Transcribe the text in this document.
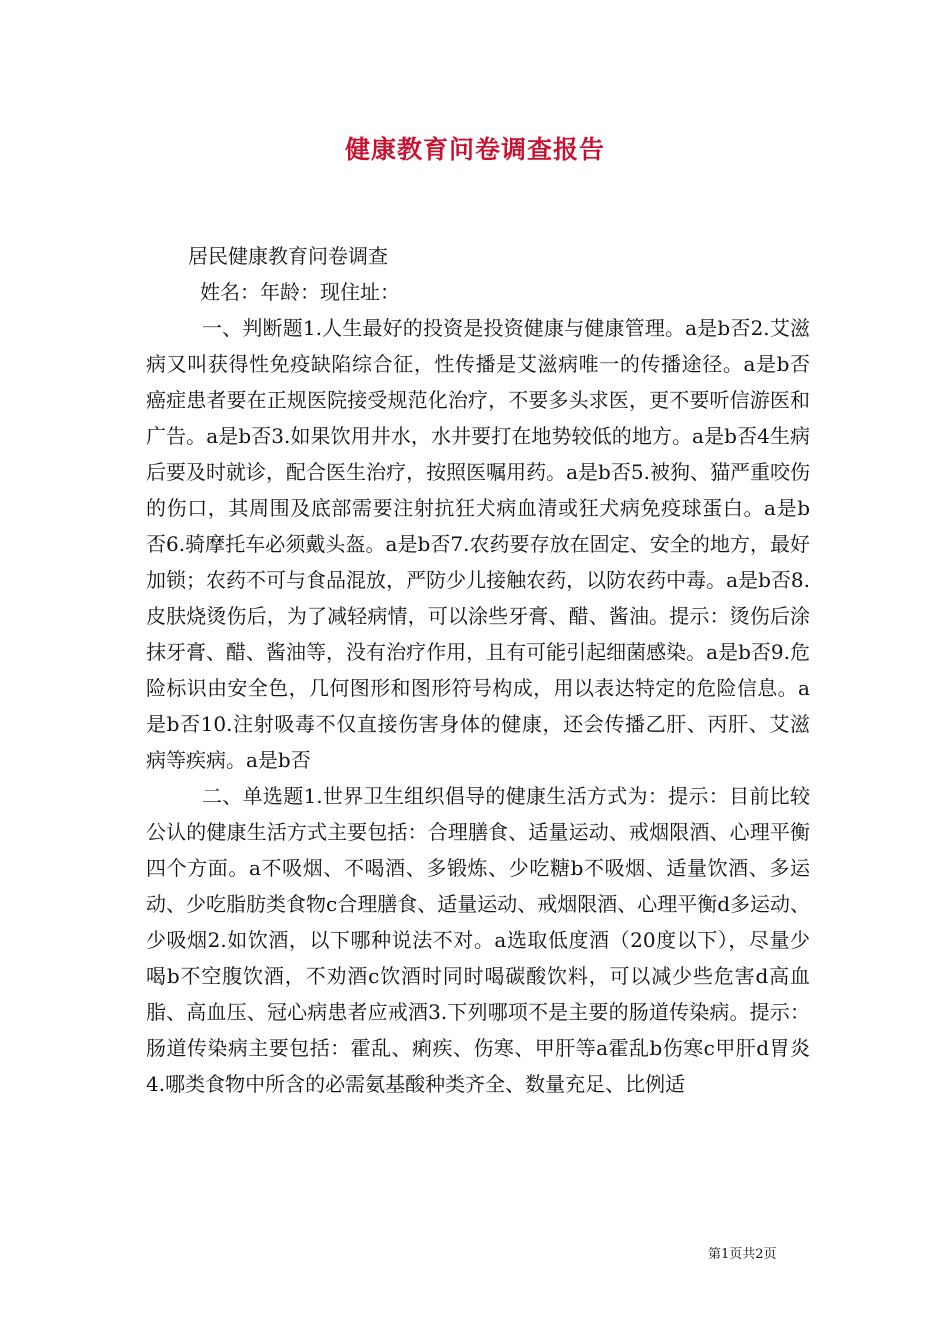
健康教育问卷调查报告

居民健康教育问卷调查

姓名：年龄：现住址：

一、判断题1.人生最好的投资是投资健康与健康管理。a是b否2.艾滋病又叫获得性免疫缺陷综合征，性传播是艾滋病唯一的传播途径。a是b否癌症患者要在正规医院接受规范化治疗，不要多头求医，更不要听信游医和广告。a是b否3.如果饮用井水，水井要打在地势较低的地方。a是b否4生病后要及时就诊，配合医生治疗，按照医嘱用药。a是b否5.被狗、猫严重咬伤的伤口，其周围及底部需要注射抗狂犬病血清或狂犬病免疫球蛋白。a是b否6.骑摩托车必须戴头盔。a是b否7.农药要存放在固定、安全的地方，最好加锁；农药不可与食品混放，严防少儿接触农药，以防农药中毒。a是b否8.皮肤烧烫伤后，为了减轻病情，可以涂些牙膏、醋、酱油。提示：烫伤后涂抹牙膏、醋、酱油等，没有治疗作用，且有可能引起细菌感染。a是b否9.危险标识由安全色，几何图形和图形符号构成，用以表达特定的危险信息。a是b否10.注射吸毒不仅直接伤害身体的健康，还会传播乙肝、丙肝、艾滋病等疾病。a是b否

二、单选题1.世界卫生组织倡导的健康生活方式为：提示：目前比较公认的健康生活方式主要包括：合理膳食、适量运动、戒烟限酒、心理平衡四个方面。a不吸烟、不喝酒、多锻炼、少吃糖b不吸烟、适量饮酒、多运动、少吃脂肪类食物c合理膳食、适量运动、戒烟限酒、心理平衡d多运动、少吸烟2.如饮酒，以下哪种说法不对。a选取低度酒（20度以下），尽量少喝b不空腹饮酒，不劝酒c饮酒时同时喝碳酸饮料，可以减少些危害d高血脂、高血压、冠心病患者应戒酒3.下列哪项不是主要的肠道传染病。提示：肠道传染病主要包括：霍乱、痢疾、伤寒、甲肝等a霍乱b伤寒c甲肝d胃炎4.哪类食物中所含的必需氨基酸种类齐全、数量充足、比例适

第1页共2页
